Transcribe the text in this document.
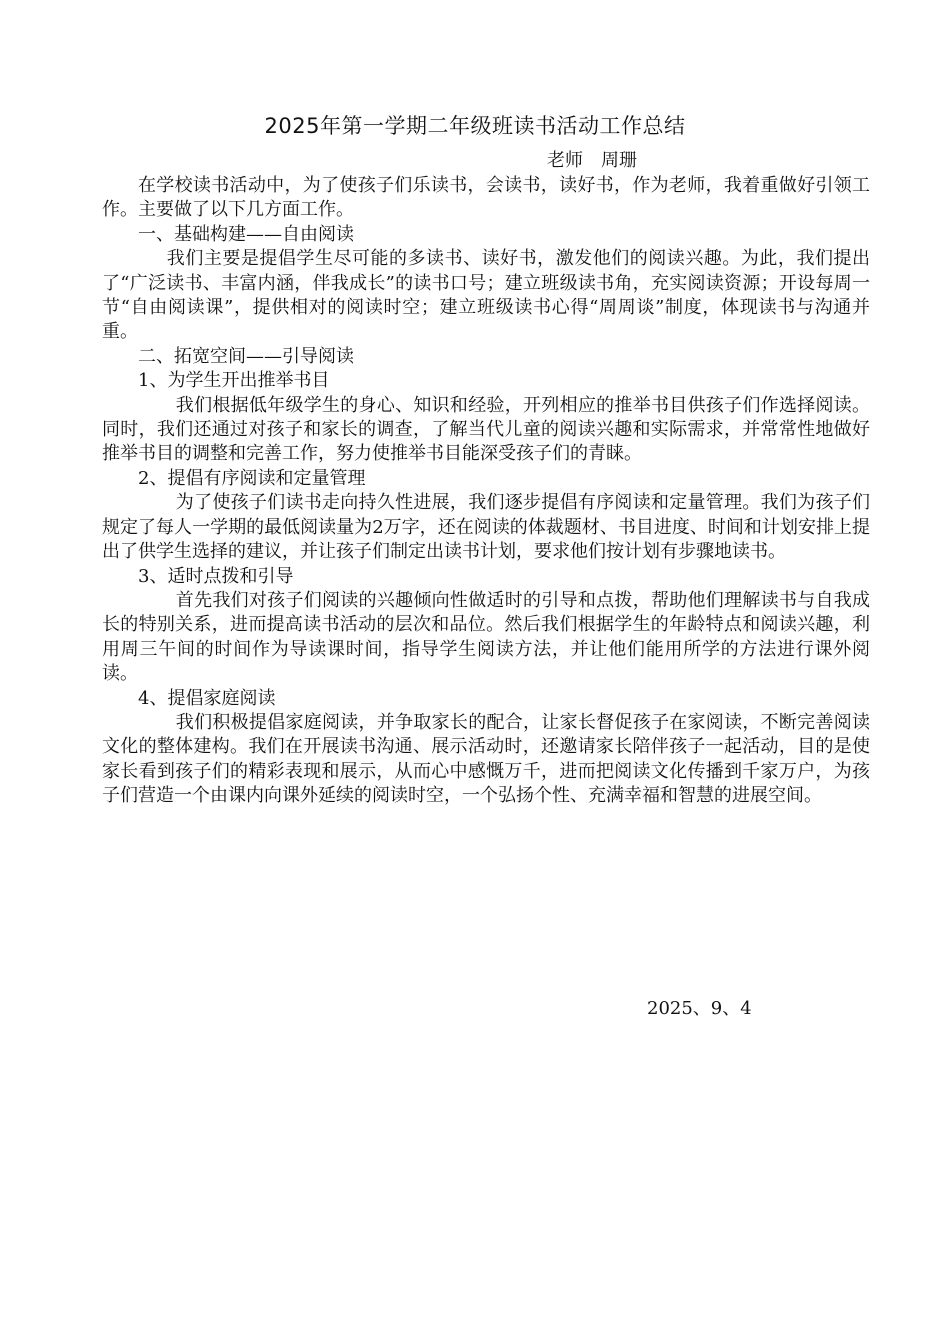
2025年第一学期二年级班读书活动工作总结
老师　周珊

在学校读书活动中，为了使孩子们乐读书，会读书，读好书，作为老师，我着重做好引领工作。主要做了以下几方面工作。

一、基础构建——自由阅读

我们主要是提倡学生尽可能的多读书、读好书，激发他们的阅读兴趣。为此，我们提出了“广泛读书、丰富内涵，伴我成长”的读书口号；建立班级读书角，充实阅读资源；开设每周一节“自由阅读课”，提供相对的阅读时空；建立班级读书心得“周周谈”制度，体现读书与沟通并重。

二、拓宽空间——引导阅读

1、为学生开出推举书目

我们根据低年级学生的身心、知识和经验，开列相应的推举书目供孩子们作选择阅读。同时，我们还通过对孩子和家长的调查，了解当代儿童的阅读兴趣和实际需求，并常常性地做好推举书目的调整和完善工作，努力使推举书目能深受孩子们的青睐。

2、提倡有序阅读和定量管理

为了使孩子们读书走向持久性进展，我们逐步提倡有序阅读和定量管理。我们为孩子们规定了每人一学期的最低阅读量为2万字，还在阅读的体裁题材、书目进度、时间和计划安排上提出了供学生选择的建议，并让孩子们制定出读书计划，要求他们按计划有步骤地读书。

3、适时点拨和引导

首先我们对孩子们阅读的兴趣倾向性做适时的引导和点拨，帮助他们理解读书与自我成长的特别关系，进而提高读书活动的层次和品位。然后我们根据学生的年龄特点和阅读兴趣，利用周三午间的时间作为导读课时间，指导学生阅读方法，并让他们能用所学的方法进行课外阅读。

4、提倡家庭阅读

我们积极提倡家庭阅读，并争取家长的配合，让家长督促孩子在家阅读，不断完善阅读文化的整体建构。我们在开展读书沟通、展示活动时，还邀请家长陪伴孩子一起活动，目的是使家长看到孩子们的精彩表现和展示，从而心中感慨万千，进而把阅读文化传播到千家万户，为孩子们营造一个由课内向课外延续的阅读时空，一个弘扬个性、充满幸福和智慧的进展空间。

2025、9、4
